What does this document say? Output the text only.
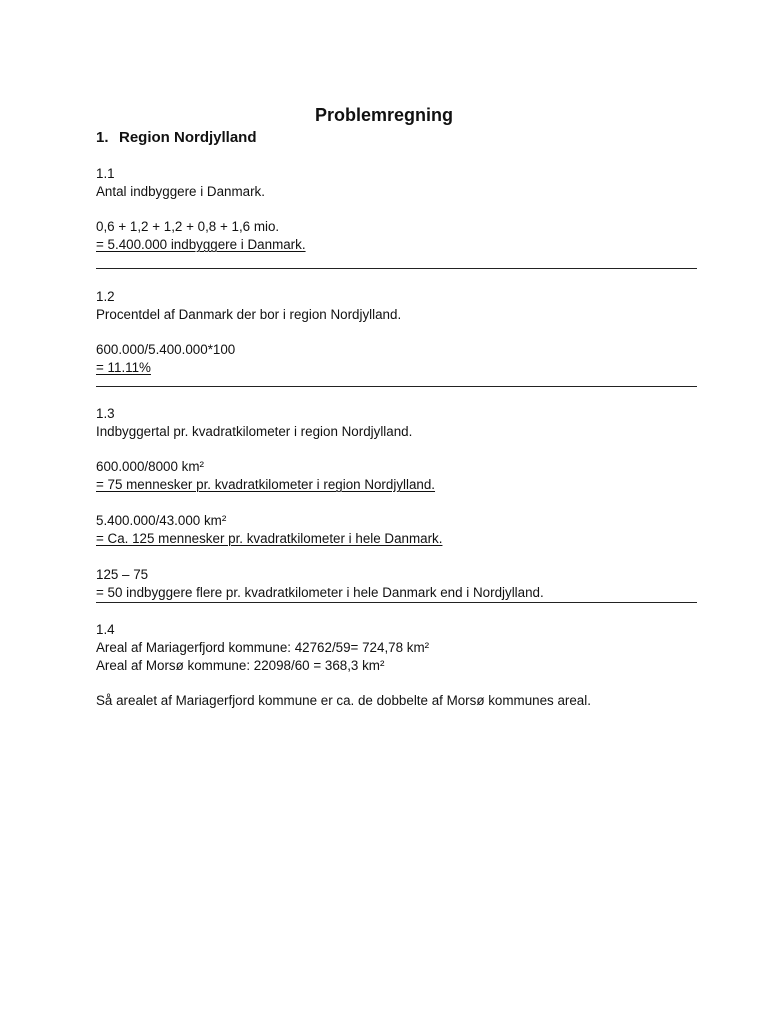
Problemregning
1. Region Nordjylland
1.1
Antal indbyggere i Danmark.
0,6 + 1,2 + 1,2 + 0,8 + 1,6 mio.
= 5.400.000 indbyggere i Danmark.
1.2
Procentdel af Danmark der bor i region Nordjylland.
600.000/5.400.000*100
= 11.11%
1.3
Indbyggertal pr. kvadratkilometer i region Nordjylland.
600.000/8000 km²
= 75 mennesker pr. kvadratkilometer i region Nordjylland.
5.400.000/43.000 km²
= Ca. 125 mennesker pr. kvadratkilometer i hele Danmark.
125 – 75
= 50 indbyggere flere pr. kvadratkilometer i hele Danmark end i Nordjylland.
1.4
Areal af Mariagerfjord kommune: 42762/59= 724,78 km²
Areal af Morsø kommune: 22098/60 = 368,3 km²
Så arealet af Mariagerfjord kommune er ca. de dobbelte af Morsø kommunes areal.
